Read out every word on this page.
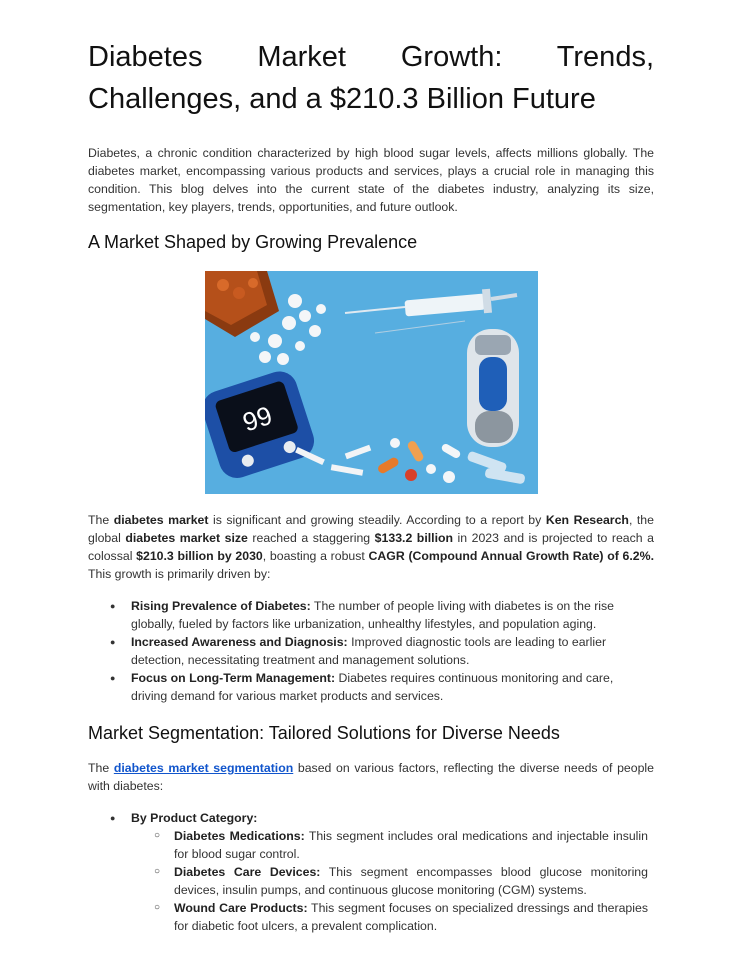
Diabetes Market Growth: Trends, Challenges, and a $210.3 Billion Future

Diabetes, a chronic condition characterized by high blood sugar levels, affects millions globally. The diabetes market, encompassing various products and services, plays a crucial role in managing this condition. This blog delves into the current state of the diabetes industry, analyzing its size, segmentation, key players, trends, opportunities, and future outlook.

A Market Shaped by Growing Prevalence
99

The diabetes market is significant and growing steadily. According to a report by Ken Research, the global diabetes market size reached a staggering $133.2 billion in 2023 and is projected to reach a colossal $210.3 billion by 2030, boasting a robust CAGR (Compound Annual Growth Rate) of 6.2%. This growth is primarily driven by:

● Rising Prevalence of Diabetes: The number of people living with diabetes is on the rise globally, fueled by factors like urbanization, unhealthy lifestyles, and population aging.
● Increased Awareness and Diagnosis: Improved diagnostic tools are leading to earlier detection, necessitating treatment and management solutions.
● Focus on Long-Term Management: Diabetes requires continuous monitoring and care, driving demand for various market products and services.
Market Segmentation: Tailored Solutions for Diverse Needs

The diabetes market segmentation based on various factors, reflecting the diverse needs of people with diabetes:

● By Product Category:
○ Diabetes Medications: This segment includes oral medications and injectable insulin for blood sugar control.
○ Diabetes Care Devices: This segment encompasses blood glucose monitoring devices, insulin pumps, and continuous glucose monitoring (CGM) systems.
○ Wound Care Products: This segment focuses on specialized dressings and therapies for diabetic foot ulcers, a prevalent complication.
